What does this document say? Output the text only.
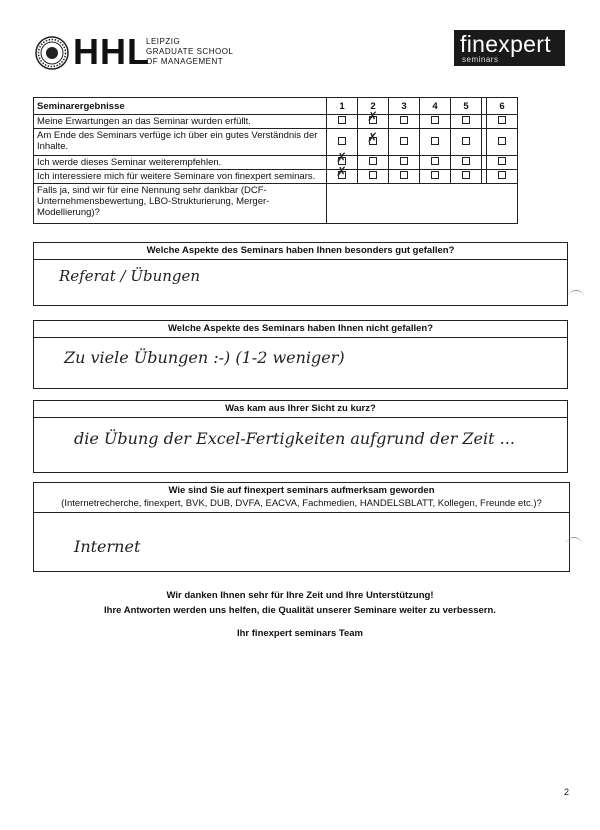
HHL
LEIPZIG
GRADUATE SCHOOL
OF MANAGEMENT
finexpert
seminars
Seminarergebnisse	1	2	3	4	5		6
Meine Erwartungen an das Seminar wurden erfüllt.		✗					
Am Ende des Seminars verfüge ich über ein gutes Verständnis der Inhalte.		✗					
Ich werde dieses Seminar weiterempfehlen.	✗						
Ich interessiere mich für weitere Seminare von finexpert seminars.	✗						
Falls ja, sind wir für eine Nennung sehr dankbar (DCF-Unternehmensbewertung, LBO-Strukturierung, Merger-Modellierung)?							
Welche Aspekte des Seminars haben Ihnen besonders gut gefallen?
Referat / Übungen
Welche Aspekte des Seminars haben Ihnen nicht gefallen?
Zu viele Übungen :-) (1-2 weniger)
Was kam aus Ihrer Sicht zu kurz?
die Übung der Excel-Fertigkeiten aufgrund der Zeit ...
Wie sind Sie auf finexpert seminars aufmerksam geworden
(Internetrecherche, finexpert, BVK, DUB, DVFA, EACVA, Fachmedien, HANDELSBLATT, Kollegen, Freunde etc.)?
Internet
Wir danken Ihnen sehr für Ihre Zeit und Ihre Unterstützung!
Ihre Antworten werden uns helfen, die Qualität unserer Seminare weiter zu verbessern.
Ihr finexpert seminars Team
2
